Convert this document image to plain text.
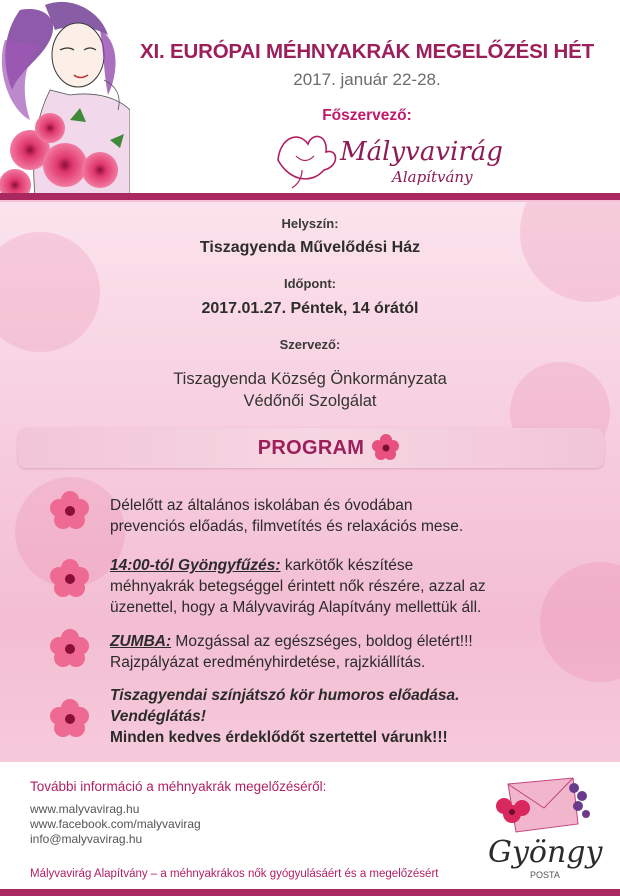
XI. EURÓPAI MÉHNYAKRÁK MEGELŐZÉSI HÉT
2017. január 22-28.
Főszervező:
Mályvavirág
Alapítvány
Helyszín:
Tiszagyenda Művelődési Ház
Időpont:
2017.01.27. Péntek, 14 órától
Szervező:
Tiszagyenda Község Önkormányzata
Védőnői Szolgálat
PROGRAM
Délelőtt az általános iskolában és óvodában
prevenciós előadás, filmvetítés és relaxációs mese.
14:00-tól Gyöngyfűzés: karkötők készítése
méhnyakrák betegséggel érintett nők részére, azzal az
üzenettel, hogy a Mályvavirág Alapítvány mellettük áll.
ZUMBA: Mozgással az egészséges, boldog életért!!!
Rajzpályázat eredményhirdetése, rajzkiállítás.
Tiszagyendai színjátszó kör humoros előadása.
Vendéglátás!
Minden kedves érdeklődőt szertettel várunk!!!
További információ a méhnyakrák megelőzéséről:
www.malyvavirag.hu
www.facebook.com/malyvavirag
info@malyvavirag.hu
Mályvavirág Alapítvány – a méhnyakrákos nők gyógyulásáért és a megelőzésért
Gyöngy
POSTA
